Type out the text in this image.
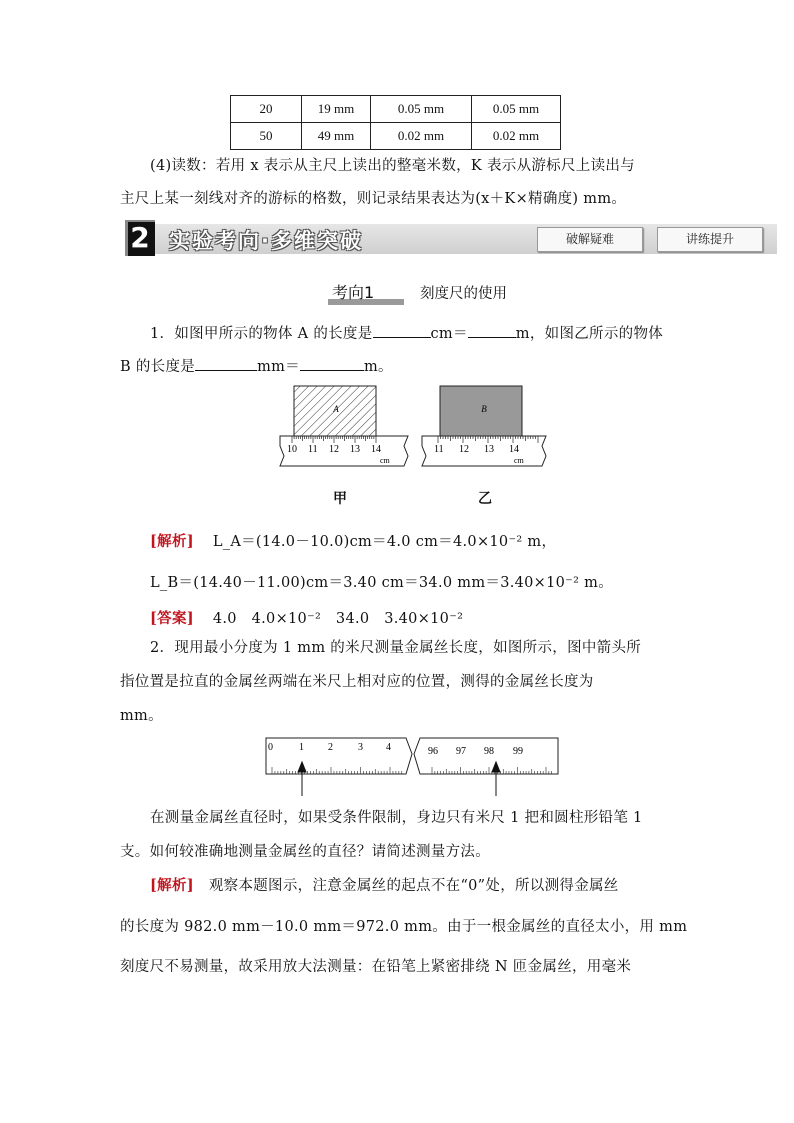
20	19 mm	0.05 mm	0.05 mm
50	49 mm	0.02 mm	0.02 mm
(4)读数：若用 x 表示从主尺上读出的整毫米数，K 表示从游标尺上读出与
主尺上某一刻线对齐的游标的格数，则记录结果表达为(x＋K×精确度) mm。
2 实验考向·多维突破	破解疑难	讲练提升
考向1	刻度尺的使用
1．如图甲所示的物体 A 的长度是	cm＝	m，如图乙所示的物体
B 的长度是	mm＝	m。
A
10 11 12 13 14
cm
B
11 12 13 14
cm
甲	乙
[解析] L_A＝(14.0－10.0)cm＝4.0 cm＝4.0×10⁻² m，
L_B＝(14.40－11.00)cm＝3.40 cm＝34.0 mm＝3.40×10⁻² m。
[答案] 4.0　4.0×10⁻²　34.0　3.40×10⁻²
2．现用最小分度为 1 mm 的米尺测量金属丝长度，如图所示，图中箭头所
指位置是拉直的金属丝两端在米尺上相对应的位置，测得的金属丝长度为
mm。
0	1 2	3 4	96 97 98 99
在测量金属丝直径时，如果受条件限制，身边只有米尺 1 把和圆柱形铅笔 1
支。如何较准确地测量金属丝的直径？请简述测量方法。
[解析] 观察本题图示，注意金属丝的起点不在“0”处，所以测得金属丝
的长度为 982.0 mm－10.0 mm＝972.0 mm。由于一根金属丝的直径太小，用 mm
刻度尺不易测量，故采用放大法测量：在铅笔上紧密排绕 N 匝金属丝，用毫米
